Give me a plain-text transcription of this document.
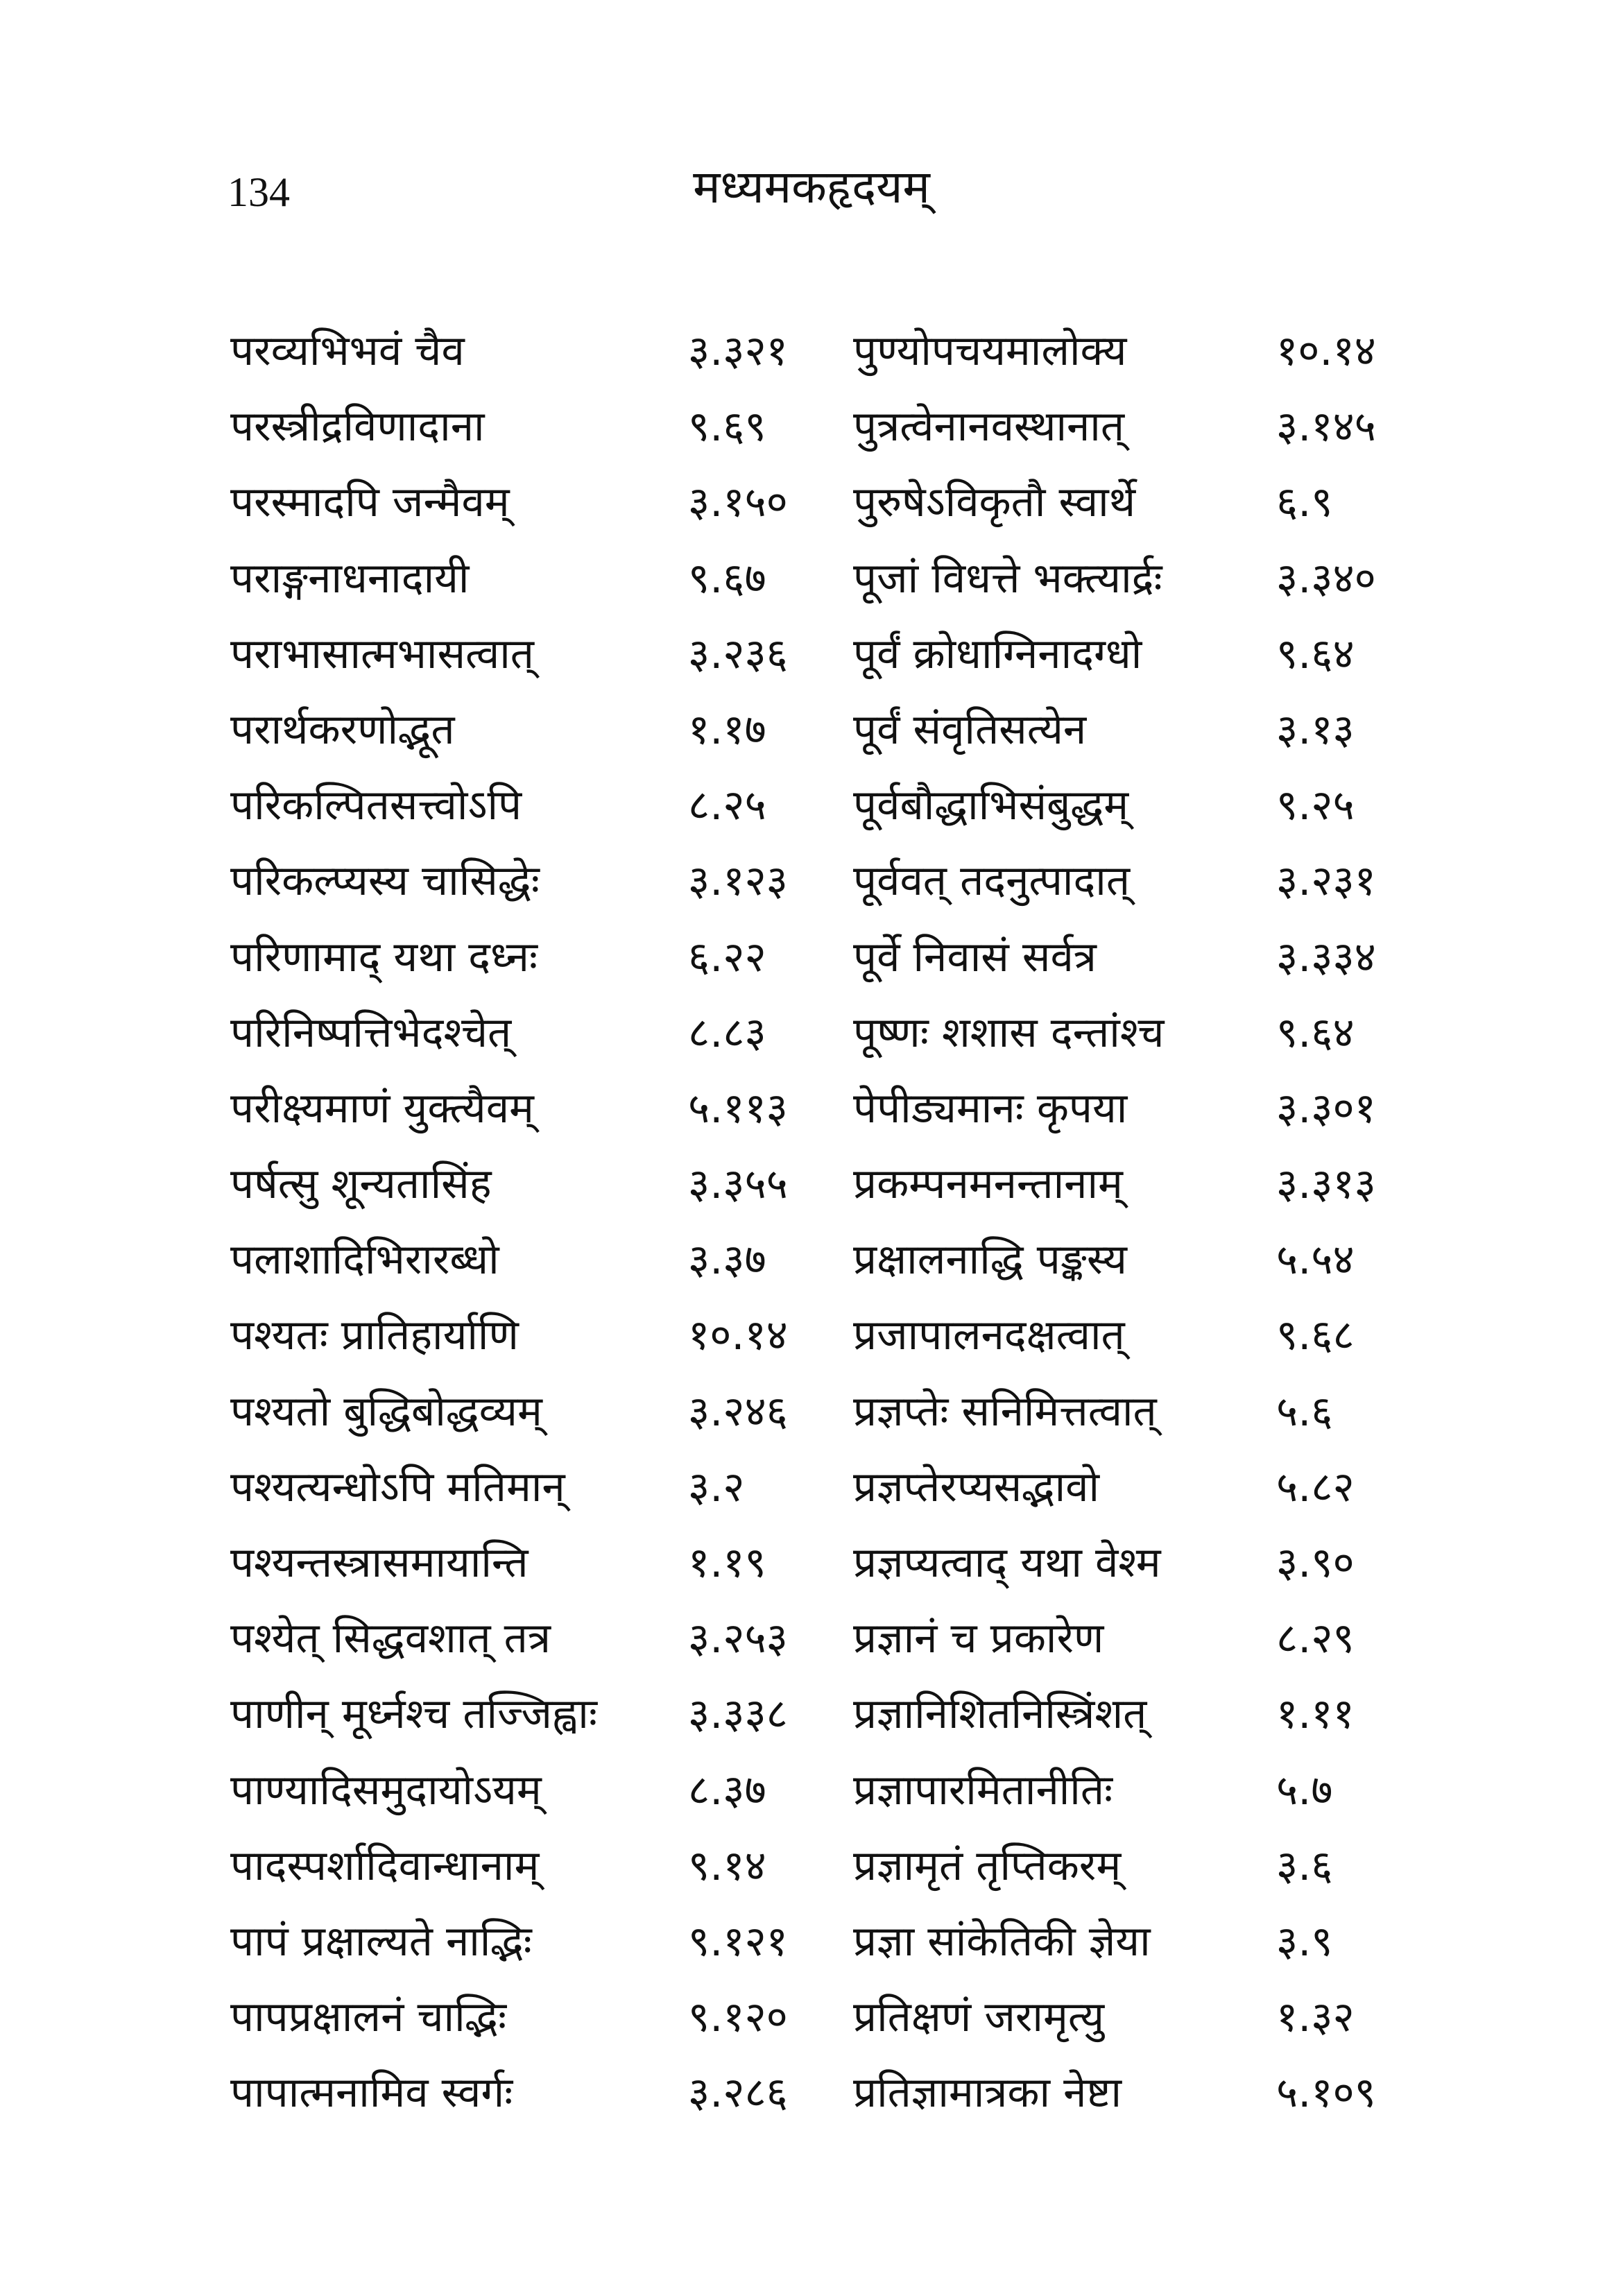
134	मध्यमकहृदयम्
परव्यभिभवं चैव	३.३२१ पुण्योपचयमालोक्य	१०.१४
परस्त्रीद्रविणादाना	९.६९ पुत्रत्वेनानवस्थानात्	३.१४५
परस्मादपि जन्मैवम्	३.१५० पुरुषेऽविकृतौ स्वार्थे	६.९
पराङ्गनाधनादायी	९.६७ पूजां विधत्ते भक्त्यार्द्रः	३.३४०
पराभासात्मभासत्वात्	३.२३६ पूर्वं क्रोधाग्निनादग्धो	९.६४
परार्थकरणोद्भूत	१.१७ पूर्वं संवृतिसत्येन	३.१३
परिकल्पितसत्त्वोऽपि	८.२५ पूर्वबौद्धाभिसंबुद्धम्	९.२५
परिकल्प्यस्य चासिद्धेः	३.१२३ पूर्ववत् तदनुत्पादात्	३.२३१
परिणामाद् यथा दध्नः	६.२२ पूर्वे निवासं सर्वत्र	३.३३४
परिनिष्पत्तिभेदश्चेत्	८.८३ पूष्णः शशास दन्तांश्च	९.६४
परीक्ष्यमाणं युक्त्यैवम्	५.११३ पेपीड्यमानः कृपया	३.३०१
पर्षत्सु शून्यतासिंह	३.३५५ प्रकम्पनमनन्तानाम्	३.३१३
पलाशादिभिरारब्धो	३.३७ प्रक्षालनाद्धि पङ्कस्य	५.५४
पश्यतः प्रातिहार्याणि	१०.१४ प्रजापालनदक्षत्वात्	९.६८
पश्यतो बुद्धिबोद्धव्यम्	३.२४६ प्रज्ञप्तेः सनिमित्तत्वात्	५.६
पश्यत्यन्धोऽपि मतिमान्	३.२	प्रज्ञप्तेरप्यसद्भावो	५.८२
पश्यन्तस्त्रासमायान्ति	१.१९ प्रज्ञप्यत्वाद् यथा वेश्म	३.९०
पश्येत् सिद्धवशात् तत्र	३.२५३ प्रज्ञानं च प्रकारेण	८.२९
पाणीन् मूर्ध्नश्च तज्जिह्वाः ३.३३८ प्रज्ञानिशितनिस्त्रिंशत्	१.११
पाण्यादिसमुदायोऽयम्	८.३७ प्रज्ञापारमितानीतिः	५.७
पादस्पर्शादिवान्धानाम्	९.१४ प्रज्ञामृतं तृप्तिकरम्	३.६
पापं प्रक्षाल्यते नाद्भिः	९.१२१ प्रज्ञा सांकेतिकी ज्ञेया	३.९
पापप्रक्षालनं चाद्भिः	९.१२० प्रतिक्षणं जरामृत्यु	१.३२
पापात्मनामिव स्वर्गः	३.२८६ प्रतिज्ञामात्रका नेष्टा	५.१०९
